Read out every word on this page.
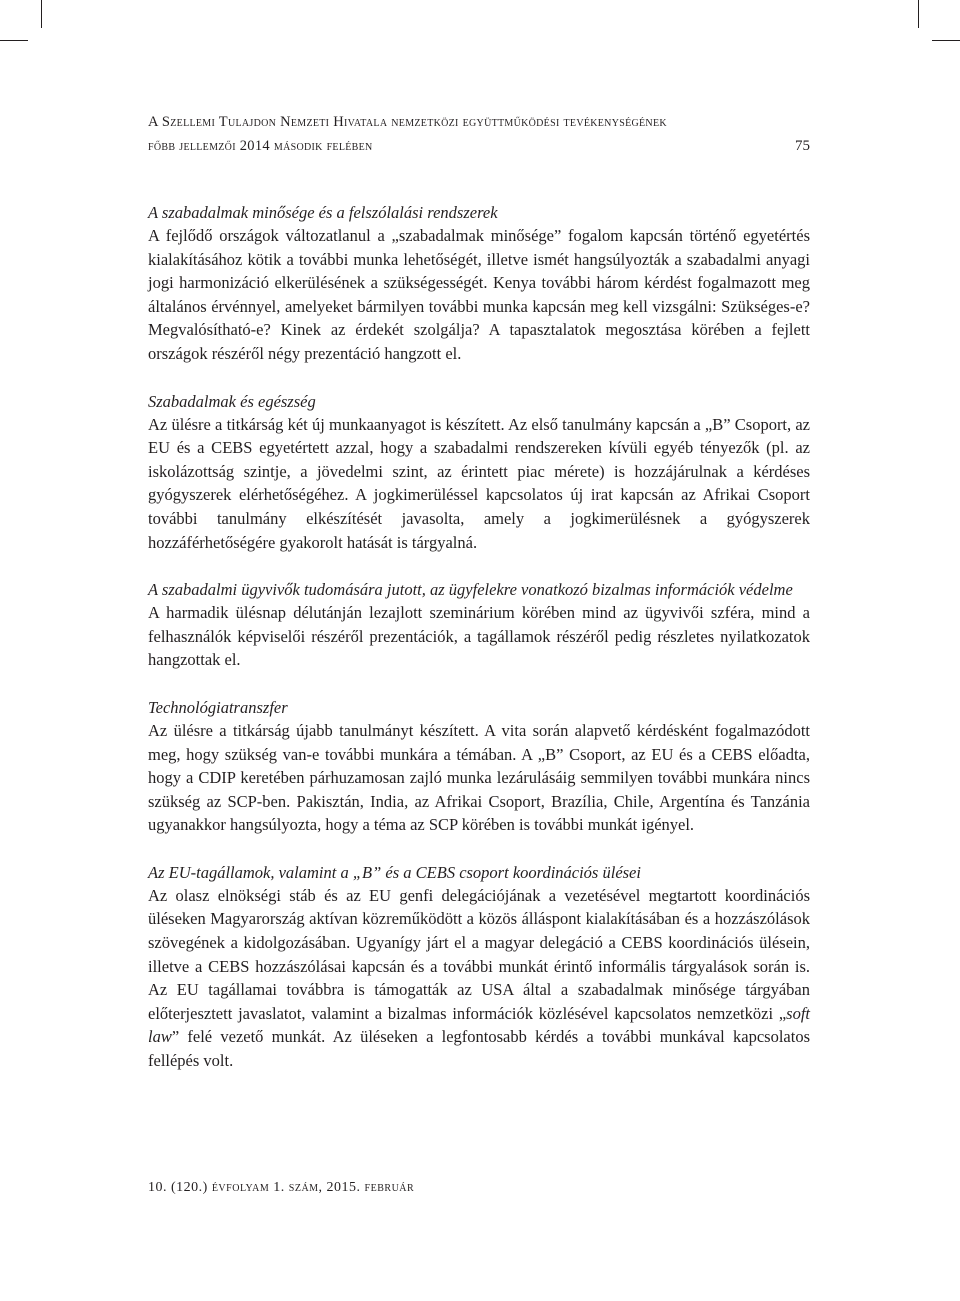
A Szellemi Tulajdon Nemzeti Hivatala nemzetközi együttműködési tevékenységének
főbb jellemzői 2014 második felében	75
A szabadalmak minősége és a felszólalási rendszerek

A fejlődő országok változatlanul a „szabadalmak minősége” fogalom kapcsán történő egyetértés kialakításához kötik a további munka lehetőségét, illetve ismét hangsúlyozták a szabadalmi anyagi jogi harmonizáció elkerülésének a szükségességét. Kenya további három kérdést fogalmazott meg általános érvénnyel, amelyeket bármilyen további munka kapcsán meg kell vizsgálni: Szükséges-e? Megvalósítható-e? Kinek az érdekét szolgálja? A tapasztalatok megosztása körében a fejlett országok részéről négy prezentáció hangzott el.

Szabadalmak és egészség

Az ülésre a titkárság két új munkaanyagot is készített. Az első tanulmány kapcsán a „B” Csoport, az EU és a CEBS egyetértett azzal, hogy a szabadalmi rendszereken kívüli egyéb tényezők (pl. az iskolázottság szintje, a jövedelmi szint, az érintett piac mérete) is hozzájárulnak a kérdéses gyógyszerek elérhetőségéhez. A jogkimerüléssel kapcsolatos új irat kapcsán az Afrikai Csoport további tanulmány elkészítését javasolta, amely a jogkimerülésnek a gyógyszerek hozzáférhetőségére gyakorolt hatását is tárgyalná.

A szabadalmi ügyvivők tudomására jutott, az ügyfelekre vonatkozó bizalmas információk védelme

A harmadik ülésnap délutánján lezajlott szeminárium körében mind az ügyvivői szféra, mind a felhasználók képviselői részéről prezentációk, a tagállamok részéről pedig részletes nyilatkozatok hangzottak el.

Technológiatranszfer

Az ülésre a titkárság újabb tanulmányt készített. A vita során alapvető kérdésként fogalmazódott meg, hogy szükség van-e további munkára a témában. A „B” Csoport, az EU és a CEBS előadta, hogy a CDIP keretében párhuzamosan zajló munka lezárulásáig semmilyen további munkára nincs szükség az SCP-ben. Pakisztán, India, az Afrikai Csoport, Brazília, Chile, Argentína és Tanzánia ugyanakkor hangsúlyozta, hogy a téma az SCP körében is további munkát igényel.

Az EU-tagállamok, valamint a „B” és a CEBS csoport koordinációs ülései

Az olasz elnökségi stáb és az EU genfi delegációjának a vezetésével megtartott koordinációs üléseken Magyarország aktívan közreműködött a közös álláspont kialakításában és a hozzászólások szövegének a kidolgozásában. Ugyanígy járt el a magyar delegáció a CEBS koordinációs ülésein, illetve a CEBS hozzászólásai kapcsán és a további munkát érintő informális tárgyalások során is. Az EU tagállamai továbbra is támogatták az USA által a szabadalmak minősége tárgyában előterjesztett javaslatot, valamint a bizalmas információk közlésével kapcsolatos nemzetközi „soft law” felé vezető munkát. Az üléseken a legfontosabb kérdés a további munkával kapcsolatos fellépés volt.

10. (120.) évfolyam 1. szám, 2015. február
